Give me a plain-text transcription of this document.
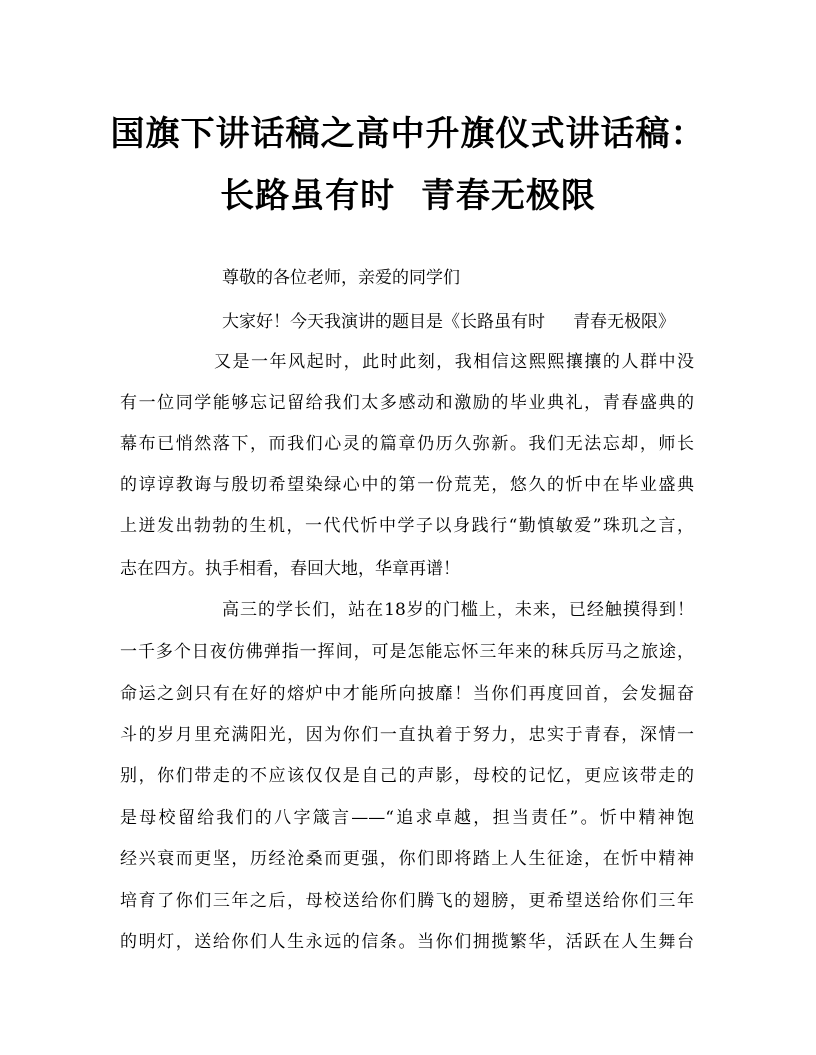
国旗下讲话稿之高中升旗仪式讲话稿：
长路虽有时  青春无极限
尊敬的各位老师，亲爱的同学们
大家好！今天我演讲的题目是《长路虽有时 青春无极限》
又是一年风起时，此时此刻，我相信这熙熙攘攘的人群中没
有一位同学能够忘记留给我们太多感动和激励的毕业典礼，青春盛典的
幕布已悄然落下，而我们心灵的篇章仍历久弥新。我们无法忘却，师长
的谆谆教诲与殷切希望染绿心中的第一份荒芜，悠久的忻中在毕业盛典
上迸发出勃勃的生机，一代代忻中学子以身践行“勤慎敏爱”珠玑之言，
志在四方。执手相看，春回大地，华章再谱！
高三的学长们，站在18岁的门槛上，未来，已经触摸得到！
一千多个日夜仿佛弹指一挥间，可是怎能忘怀三年来的秣兵厉马之旅途，
命运之剑只有在好的熔炉中才能所向披靡！当你们再度回首，会发掘奋
斗的岁月里充满阳光，因为你们一直执着于努力，忠实于青春，深情一
别，你们带走的不应该仅仅是自己的声影，母校的记忆，更应该带走的
是母校留给我们的八字箴言——“追求卓越，担当责任”。忻中精神饱
经兴衰而更坚，历经沧桑而更强，你们即将踏上人生征途，在忻中精神
培育了你们三年之后，母校送给你们腾飞的翅膀，更希望送给你们三年
的明灯，送给你们人生永远的信条。当你们拥揽繁华，活跃在人生舞台
